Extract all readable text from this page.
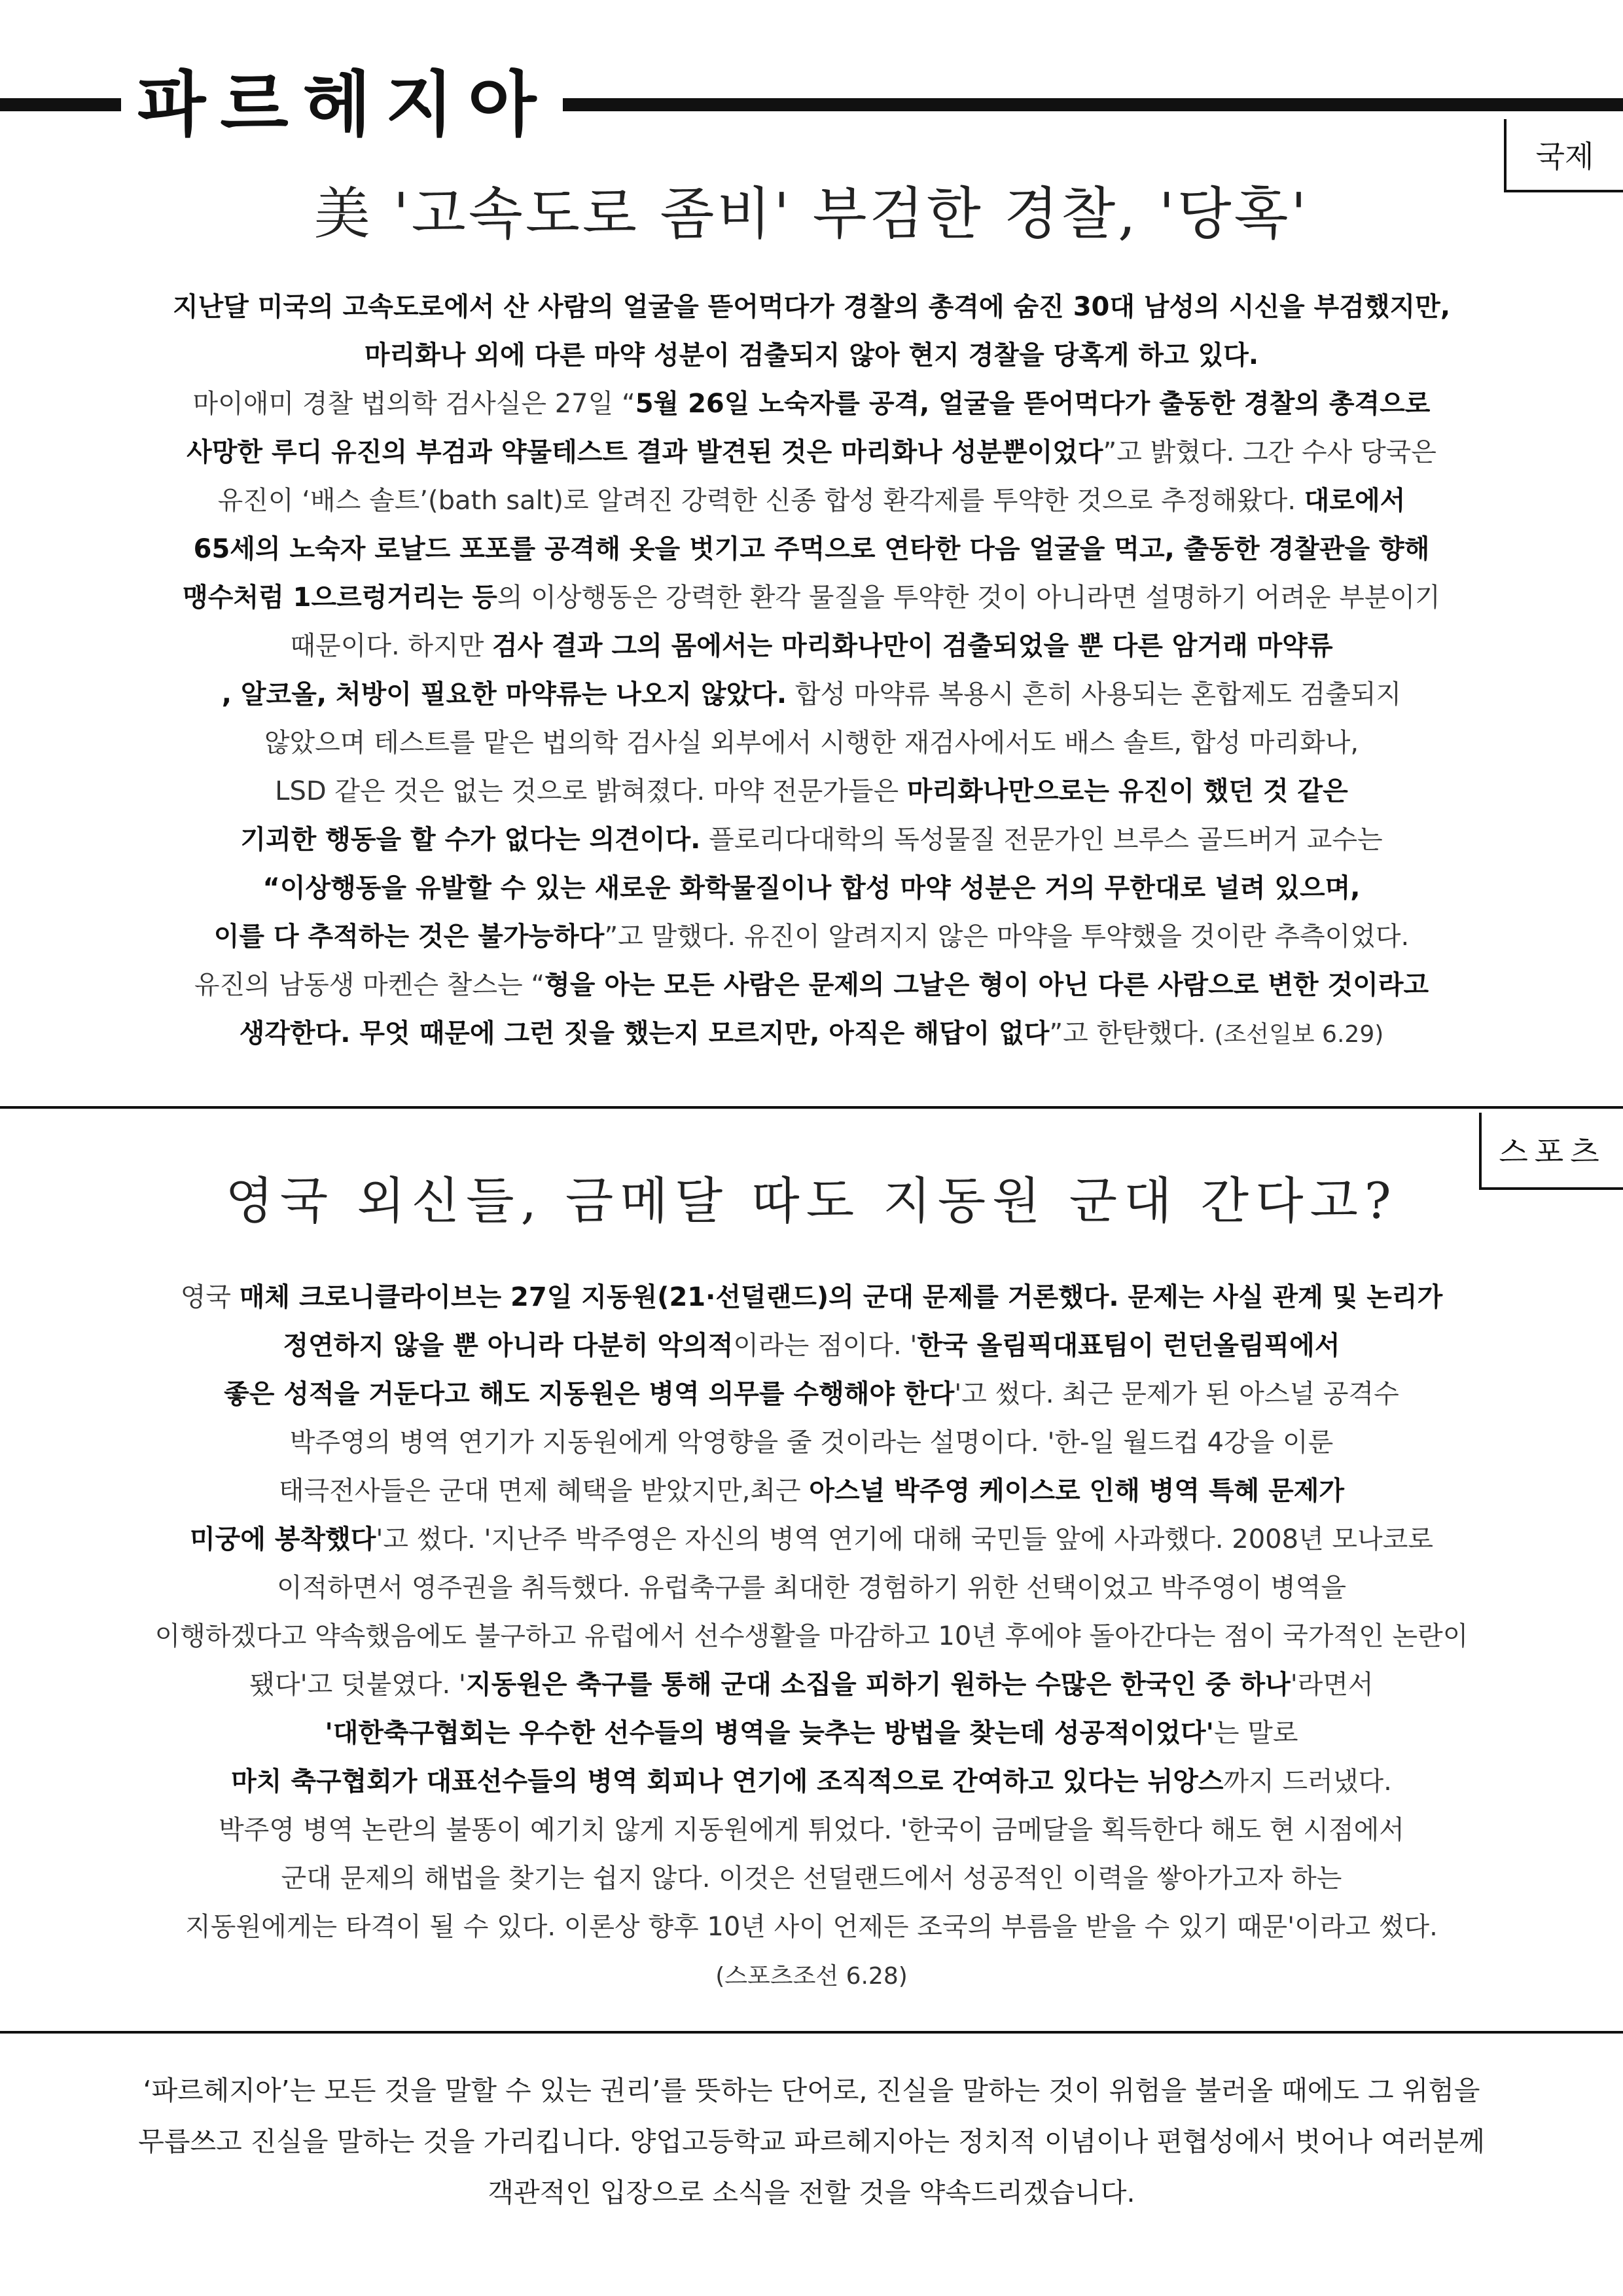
파르헤지아
국제
美 '고속도로 좀비' 부검한 경찰, '당혹'
지난달 미국의 고속도로에서 산 사람의 얼굴을 뜯어먹다가 경찰의 총격에 숨진 30대 남성의 시신을 부검했지만,
마리화나 외에 다른 마약 성분이 검출되지 않아 현지 경찰을 당혹게 하고 있다.
마이애미 경찰 법의학 검사실은 27일 “5월 26일 노숙자를 공격, 얼굴을 뜯어먹다가 출동한 경찰의 총격으로
사망한 루디 유진의 부검과 약물테스트 결과 발견된 것은 마리화나 성분뿐이었다”고 밝혔다. 그간 수사 당국은
유진이 ‘배스 솔트’(bath salt)로 알려진 강력한 신종 합성 환각제를 투약한 것으로 추정해왔다. 대로에서
65세의 노숙자 로날드 포포를 공격해 옷을 벗기고 주먹으로 연타한 다음 얼굴을 먹고, 출동한 경찰관을 향해
맹수처럼 1으르렁거리는 등의 이상행동은 강력한 환각 물질을 투약한 것이 아니라면 설명하기 어려운 부분이기
때문이다. 하지만 검사 결과 그의 몸에서는 마리화나만이 검출되었을 뿐 다른 암거래 마약류
, 알코올, 처방이 필요한 마약류는 나오지 않았다. 합성 마약류 복용시 흔히 사용되는 혼합제도 검출되지
않았으며 테스트를 맡은 법의학 검사실 외부에서 시행한 재검사에서도 배스 솔트, 합성 마리화나,
LSD 같은 것은 없는 것으로 밝혀졌다. 마약 전문가들은 마리화나만으로는 유진이 했던 것 같은
기괴한 행동을 할 수가 없다는 의견이다. 플로리다대학의 독성물질 전문가인 브루스 골드버거 교수는
“이상행동을 유발할 수 있는 새로운 화학물질이나 합성 마약 성분은 거의 무한대로 널려 있으며,
이를 다 추적하는 것은 불가능하다”고 말했다. 유진이 알려지지 않은 마약을 투약했을 것이란 추측이었다.
유진의 남동생 마켄슨 찰스는 “형을 아는 모든 사람은 문제의 그날은 형이 아닌 다른 사람으로 변한 것이라고
생각한다. 무엇 때문에 그런 짓을 했는지 모르지만, 아직은 해답이 없다”고 한탄했다. (조선일보 6.29)
스포츠
영국 외신들, 금메달 따도 지동원 군대 간다고?
영국 매체 크로니클라이브는 27일 지동원(21·선덜랜드)의 군대 문제를 거론했다. 문제는 사실 관계 및 논리가
정연하지 않을 뿐 아니라 다분히 악의적이라는 점이다. '한국 올림픽대표팀이 런던올림픽에서
좋은 성적을 거둔다고 해도 지동원은 병역 의무를 수행해야 한다'고 썼다. 최근 문제가 된 아스널 공격수
박주영의 병역 연기가 지동원에게 악영향을 줄 것이라는 설명이다. '한-일 월드컵 4강을 이룬
태극전사들은 군대 면제 혜택을 받았지만,최근 아스널 박주영 케이스로 인해 병역 특혜 문제가
미궁에 봉착했다'고 썼다. '지난주 박주영은 자신의 병역 연기에 대해 국민들 앞에 사과했다. 2008년 모나코로
이적하면서 영주권을 취득했다. 유럽축구를 최대한 경험하기 위한 선택이었고 박주영이 병역을
이행하겠다고 약속했음에도 불구하고 유럽에서 선수생활을 마감하고 10년 후에야 돌아간다는 점이 국가적인 논란이
됐다'고 덧붙였다. '지동원은 축구를 통해 군대 소집을 피하기 원하는 수많은 한국인 중 하나'라면서
'대한축구협회는 우수한 선수들의 병역을 늦추는 방법을 찾는데 성공적이었다'는 말로
마치 축구협회가 대표선수들의 병역 회피나 연기에 조직적으로 간여하고 있다는 뉘앙스까지 드러냈다.
박주영 병역 논란의 불똥이 예기치 않게 지동원에게 튀었다. '한국이 금메달을 획득한다 해도 현 시점에서
군대 문제의 해법을 찾기는 쉽지 않다. 이것은 선덜랜드에서 성공적인 이력을 쌓아가고자 하는
지동원에게는 타격이 될 수 있다. 이론상 향후 10년 사이 언제든 조국의 부름을 받을 수 있기 때문'이라고 썼다.
(스포츠조선 6.28)
‘파르헤지아’는 모든 것을 말할 수 있는 권리’를 뜻하는 단어로, 진실을 말하는 것이 위험을 불러올 때에도 그 위험을
무릅쓰고 진실을 말하는 것을 가리킵니다. 양업고등학교 파르헤지아는 정치적 이념이나 편협성에서 벗어나 여러분께
객관적인 입장으로 소식을 전할 것을 약속드리겠습니다.
